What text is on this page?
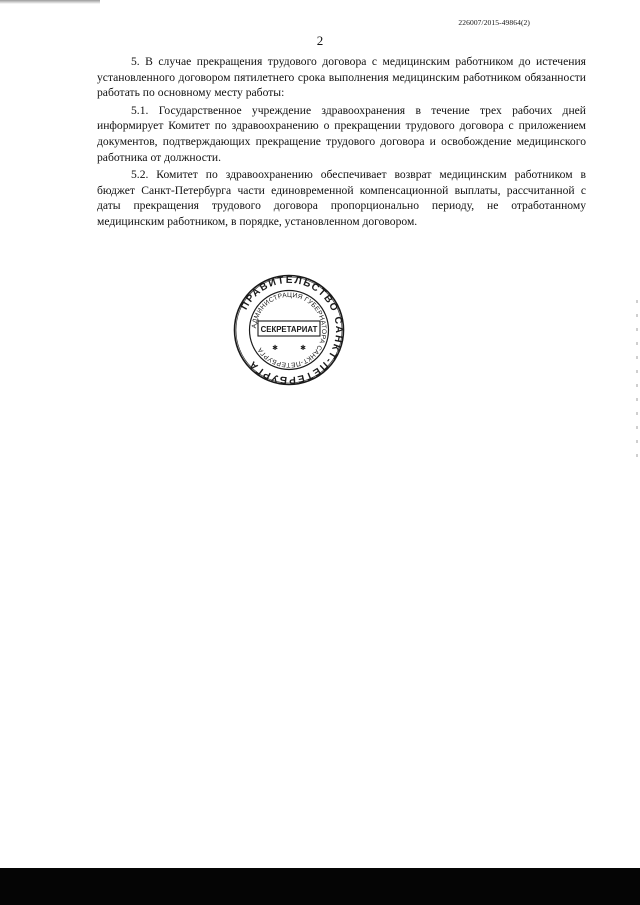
226007/2015-49864(2)
2

5. В случае прекращения трудового договора с медицинским работником до истечения установленного договором пятилетнего срока выполнения медицинским работником обязанности работать по основному месту работы:

5.1. Государственное учреждение здравоохранения в течение трех рабочих дней информирует Комитет по здравоохранению о прекращении трудового договора с приложением документов, подтверждающих прекращение трудового договора и освобождение медицинского работника от должности.

5.2. Комитет по здравоохранению обеспечивает возврат медицинским работником в бюджет Санкт-Петербурга части единовременной компенсационной выплаты, рассчитанной с даты прекращения трудового договора пропорционально периоду, не отработанному медицинским работником, в порядке, установленном договором.

ПРАВИТЕЛЬСТВО САНКТ-ПЕТЕРБУРГА
АДМИНИСТРАЦИЯ ГУБЕРНАТОРА САНКТ-ПЕТЕРБУРГА
СЕКРЕТАРИАТ
✱	✱
